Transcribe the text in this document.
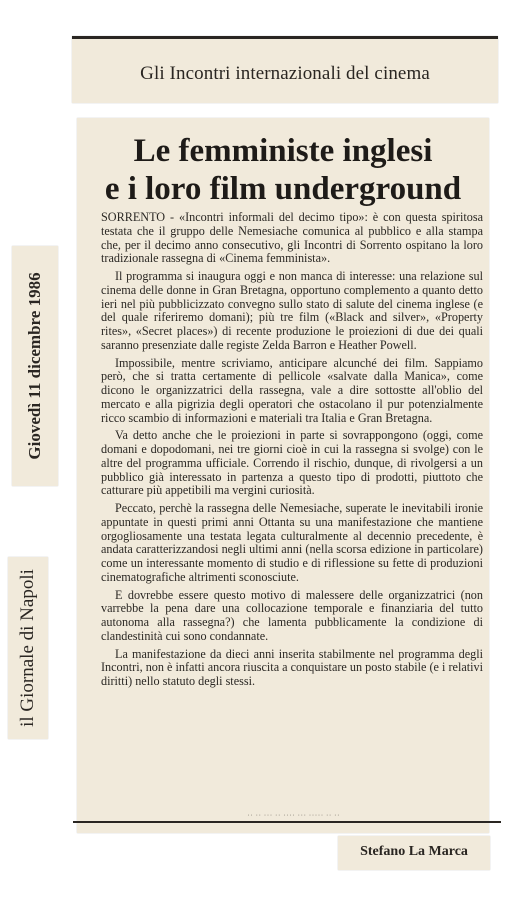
Gli Incontri internazionali del cinema
Le femministe inglesi
e i loro film underground

SORRENTO - «Incontri informali del decimo tipo»: è con questa spiritosa testata che il gruppo delle Nemesiache comunica al pubblico e alla stampa che, per il decimo anno consecutivo, gli Incontri di Sorrento ospitano la loro tradizionale rassegna di «Cinema femminista».

Il programma si inaugura oggi e non manca di interesse: una relazione sul cinema delle donne in Gran Bretagna, opportuno complemento a quanto detto ieri nel più pubblicizzato convegno sullo stato di salute del cinema inglese (e del quale riferiremo domani); più tre film («Black and silver», «Property rites», «Secret places») di recente produzione le proiezioni di due dei quali saranno presenziate dalle registe Zelda Barron e Heather Powell.

Impossibile, mentre scriviamo, anticipare alcunché dei film. Sappiamo però, che si tratta certamente di pellicole «salvate dalla Manica», come dicono le organizzatrici della rassegna, vale a dire sottostte all'oblio del mercato e alla pigrizia degli operatori che ostacolano il pur potenzialmente ricco scambio di informazioni e materiali tra Italia e Gran Bretagna.

Va detto anche che le proiezioni in parte si sovrappongono (oggi, come domani e dopodomani, nei tre giorni cioè in cui la rassegna si svolge) con le altre del programma ufficiale. Correndo il rischio, dunque, di rivolgersi a un pubblico già interessato in partenza a questo tipo di prodotti, piuttoto che catturare più appetibili ma vergini curiosità.

Peccato, perchè la rassegna delle Nemesiache, superate le inevitabili ironie appuntate in questi primi anni Ottanta su una manifestazione che mantiene orgogliosamente una testata legata culturalmente al decennio precedente, è andata caratterizzandosi negli ultimi anni (nella scorsa edizione in particolare) come un interessante momento di studio e di riflessione su fette di produzioni cinematografiche altrimenti sconosciute.

E dovrebbe essere questo motivo di malessere delle organizzatrici (non varrebbe la pena dare una collocazione temporale e finanziaria del tutto autonoma alla rassegna?) che lamenta pubblicamente la condizione di clandestinità cui sono condannate.

La manifestazione da dieci anni inserita stabilmente nel programma degli Incontri, non è infatti ancora riuscita a conquistare un posto stabile (e i relativi diritti) nello statuto degli stessi.

·· ·· ··· ·· ···· ··· ····· ·· ··
Giovedì 11 dicembre 1986
il Giornale di Napoli
Stefano La Marca
